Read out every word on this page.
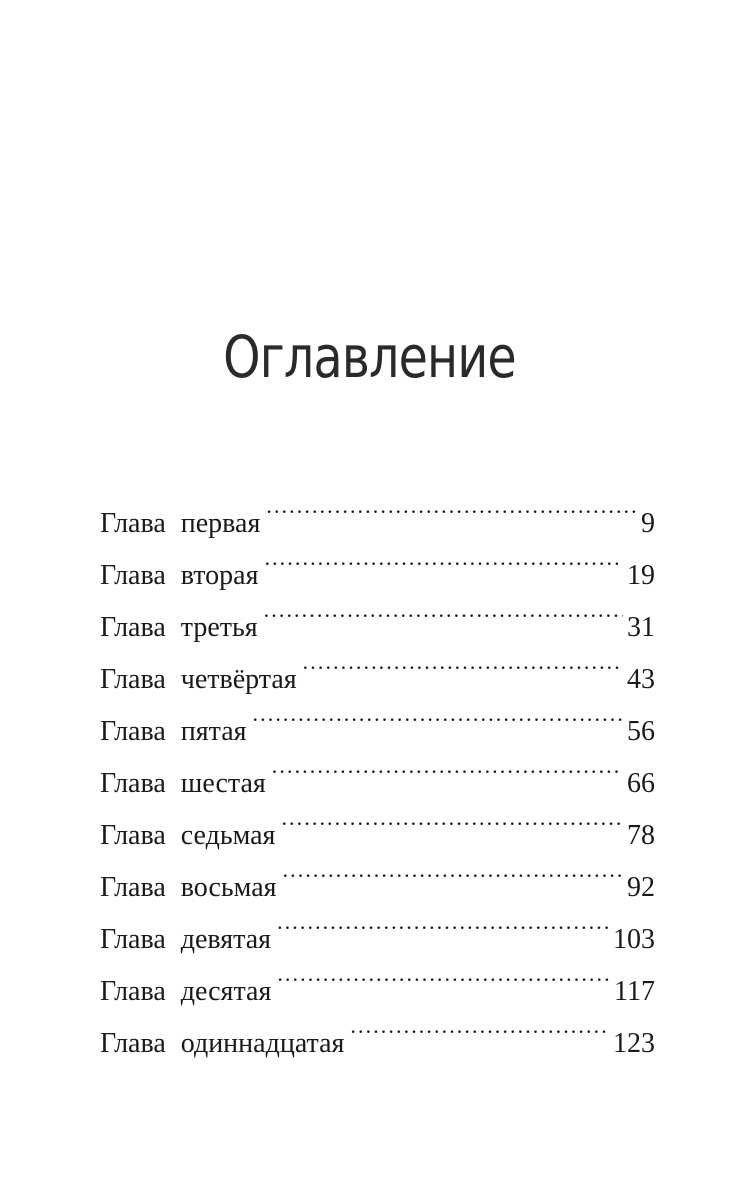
Оглавление
Глава первая . . .	9
Глава вторая . . .	19
Глава третья . . .	31
Глава четвёртая . . .	43
Глава пятая . . .	56
Глава шестая . . .	66
Глава седьмая . . .	78
Глава восьмая . . .	92
Глава девятая . . .	103
Глава десятая . . .	117
Глава одиннадцатая . . .	123
